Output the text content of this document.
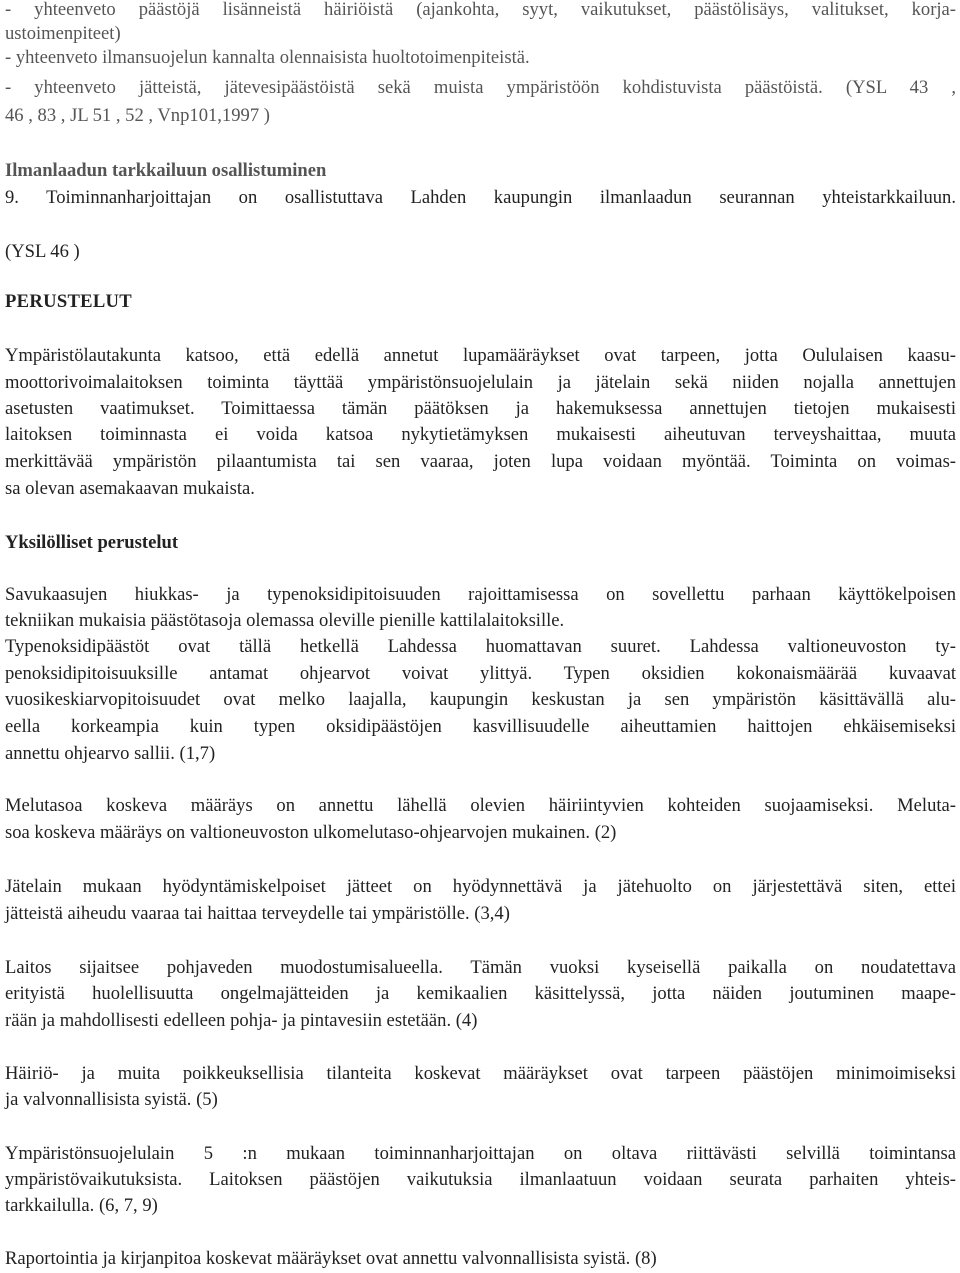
- yhteenveto päästöjä lisänneistä häiriöistä (ajankohta, syyt, vaikutukset, päästölisäys, valitukset, korja-
ustoimenpiteet)
- yhteenveto ilmansuojelun kannalta olennaisista huoltotoimenpiteistä.
- yhteenveto jätteistä, jätevesipäästöistä sekä muista ympäristöön kohdistuvista päästöistä. (YSL 43 ,
46 , 83 , JL 51 , 52 , Vnp101,1997 )
Ilmanlaadun tarkkailuun osallistuminen
9. Toiminnanharjoittajan on osallistuttava Lahden kaupungin ilmanlaadun seurannan yhteistarkkailuun.
(YSL 46 )
PERUSTELUT
Ympäristölautakunta katsoo, että edellä annetut lupamääräykset ovat tarpeen, jotta Oululaisen kaasu-
moottorivoimalaitoksen toiminta täyttää ympäristönsuojelulain ja jätelain sekä niiden nojalla annettujen
asetusten vaatimukset. Toimittaessa tämän päätöksen ja hakemuksessa annettujen tietojen mukaisesti
laitoksen toiminnasta ei voida katsoa nykytietämyksen mukaisesti aiheutuvan terveyshaittaa, muuta
merkittävää ympäristön pilaantumista tai sen vaaraa, joten lupa voidaan myöntää. Toiminta on voimas-
sa olevan asemakaavan mukaista.
Yksilölliset perustelut
Savukaasujen hiukkas- ja typenoksidipitoisuuden rajoittamisessa on sovellettu parhaan käyttökelpoisen
tekniikan mukaisia päästötasoja olemassa oleville pienille kattilalaitoksille.
Typenoksidipäästöt ovat tällä hetkellä Lahdessa huomattavan suuret. Lahdessa valtioneuvoston ty-
penoksidipitoisuuksille antamat ohjearvot voivat ylittyä. Typen oksidien kokonaismäärää kuvaavat
vuosikeskiarvopitoisuudet ovat melko laajalla, kaupungin keskustan ja sen ympäristön käsittävällä alu-
eella korkeampia kuin typen oksidipäästöjen kasvillisuudelle aiheuttamien haittojen ehkäisemiseksi
annettu ohjearvo sallii. (1,7)
Melutasoa koskeva määräys on annettu lähellä olevien häiriintyvien kohteiden suojaamiseksi. Meluta-
soa koskeva määräys on valtioneuvoston ulkomelutaso-ohjearvojen mukainen. (2)
Jätelain mukaan hyödyntämiskelpoiset jätteet on hyödynnettävä ja jätehuolto on järjestettävä siten, ettei
jätteistä aiheudu vaaraa tai haittaa terveydelle tai ympäristölle. (3,4)
Laitos sijaitsee pohjaveden muodostumisalueella. Tämän vuoksi kyseisellä paikalla on noudatettava
erityistä huolellisuutta ongelmajätteiden ja kemikaalien käsittelyssä, jotta näiden joutuminen maape-
rään ja mahdollisesti edelleen pohja- ja pintavesiin estetään. (4)
Häiriö- ja muita poikkeuksellisia tilanteita koskevat määräykset ovat tarpeen päästöjen minimoimiseksi
ja valvonnallisista syistä. (5)
Ympäristönsuojelulain 5 :n mukaan toiminnanharjoittajan on oltava riittävästi selvillä toimintansa
ympäristövaikutuksista. Laitoksen päästöjen vaikutuksia ilmanlaatuun voidaan seurata parhaiten yhteis-
tarkkailulla. (6, 7, 9)
Raportointia ja kirjanpitoa koskevat määräykset ovat annettu valvonnallisista syistä. (8)
